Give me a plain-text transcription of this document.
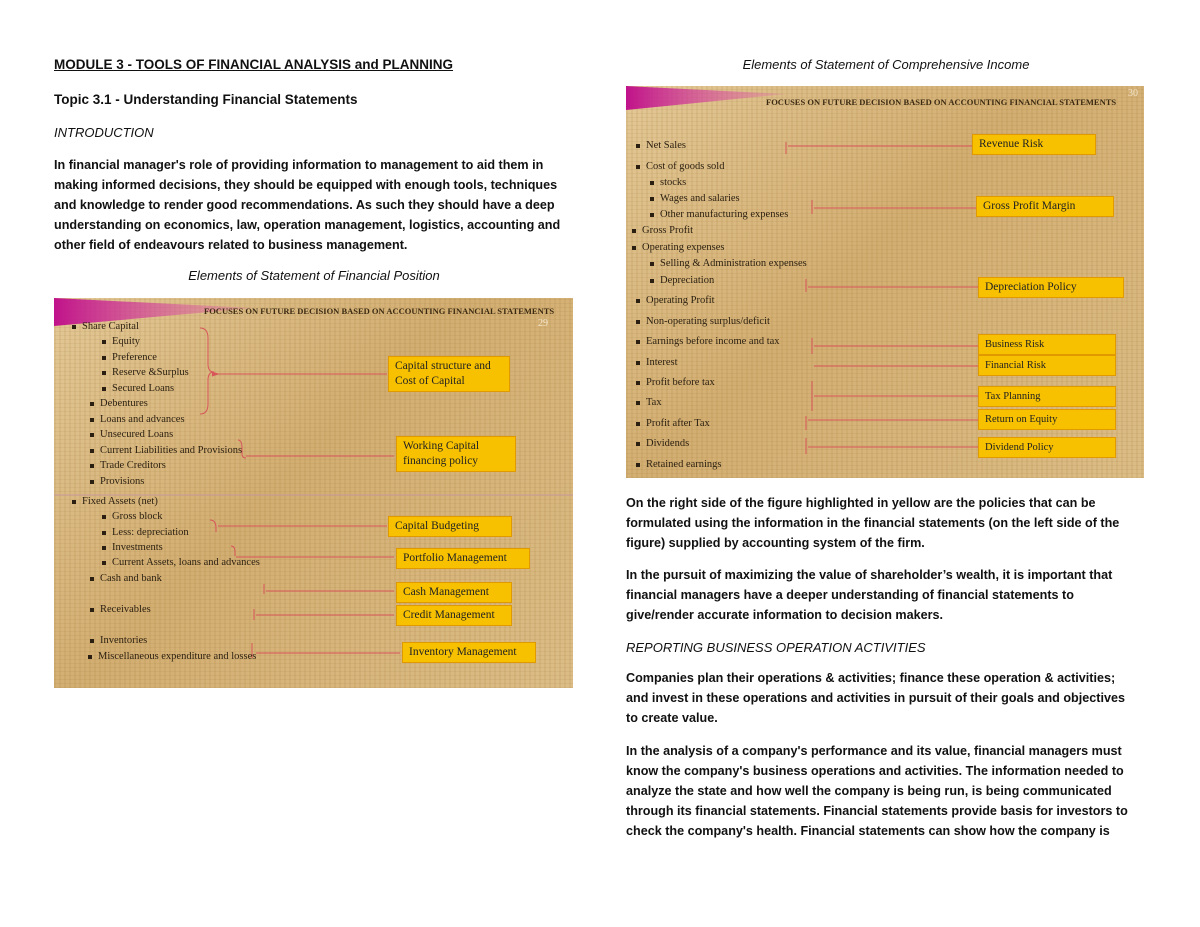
MODULE 3 - TOOLS OF FINANCIAL ANALYSIS and PLANNING
Topic 3.1 - Understanding Financial Statements
INTRODUCTION
In financial manager's role of providing information to management to aid them in
making informed decisions, they should be equipped with enough tools, techniques
and knowledge to render good recommendations. As such they should have a deep
understanding on economics, law, operation management, logistics, accounting and
other field of endeavours related to business management.
Elements of Statement of Financial Position
FOCUSES ON FUTURE DECISION BASED ON ACCOUNTING FINANCIAL STATEMENTS
29
Share Capital
Equity
Preference
Reserve &Surplus
Secured Loans
Debentures
Loans and advances
Unsecured Loans
Current Liabilities and Provisions
Trade Creditors
Provisions
Fixed Assets (net)
Gross block
Less: depreciation
Investments
Current Assets, loans and advances
Cash and bank
Receivables
Inventories
Miscellaneous expenditure and losses
Capital structure and Cost of Capital
Working Capital financing policy
Capital Budgeting
Portfolio Management
Cash Management
Credit Management
Inventory Management
Elements of Statement of Comprehensive Income
FOCUSES ON FUTURE DECISION BASED ON ACCOUNTING FINANCIAL STATEMENTS
30
Net Sales
Cost of goods sold
stocks
Wages and salaries
Other manufacturing expenses
Gross Profit
Operating expenses
Selling & Administration expenses
Depreciation
Operating Profit
Non-operating surplus/deficit
Earnings before income and tax
Interest
Profit before tax
Tax
Profit after Tax
Dividends
Retained earnings
Revenue Risk
Gross Profit Margin
Depreciation Policy
Business Risk
Financial Risk
Tax Planning
Return on Equity
Dividend Policy
On the right side of the figure highlighted in yellow are the policies that can be
formulated using the information in the financial statements (on the left side of the
figure) supplied by accounting system of the firm.
In the pursuit of maximizing the value of shareholder’s wealth, it is important that
financial managers have a deeper understanding of financial statements to
give/render accurate information to decision makers.
REPORTING BUSINESS OPERATION ACTIVITIES
Companies plan their operations & activities; finance these operation & activities;
and invest in these operations and activities in pursuit of their goals and objectives
to create value.
In the analysis of a company's performance and its value, financial managers must
know the company's business operations and activities. The information needed to
analyze the state and how well the company is being run, is being communicated
through its financial statements. Financial statements provide basis for investors to
check the company's health. Financial statements can show how the company is
